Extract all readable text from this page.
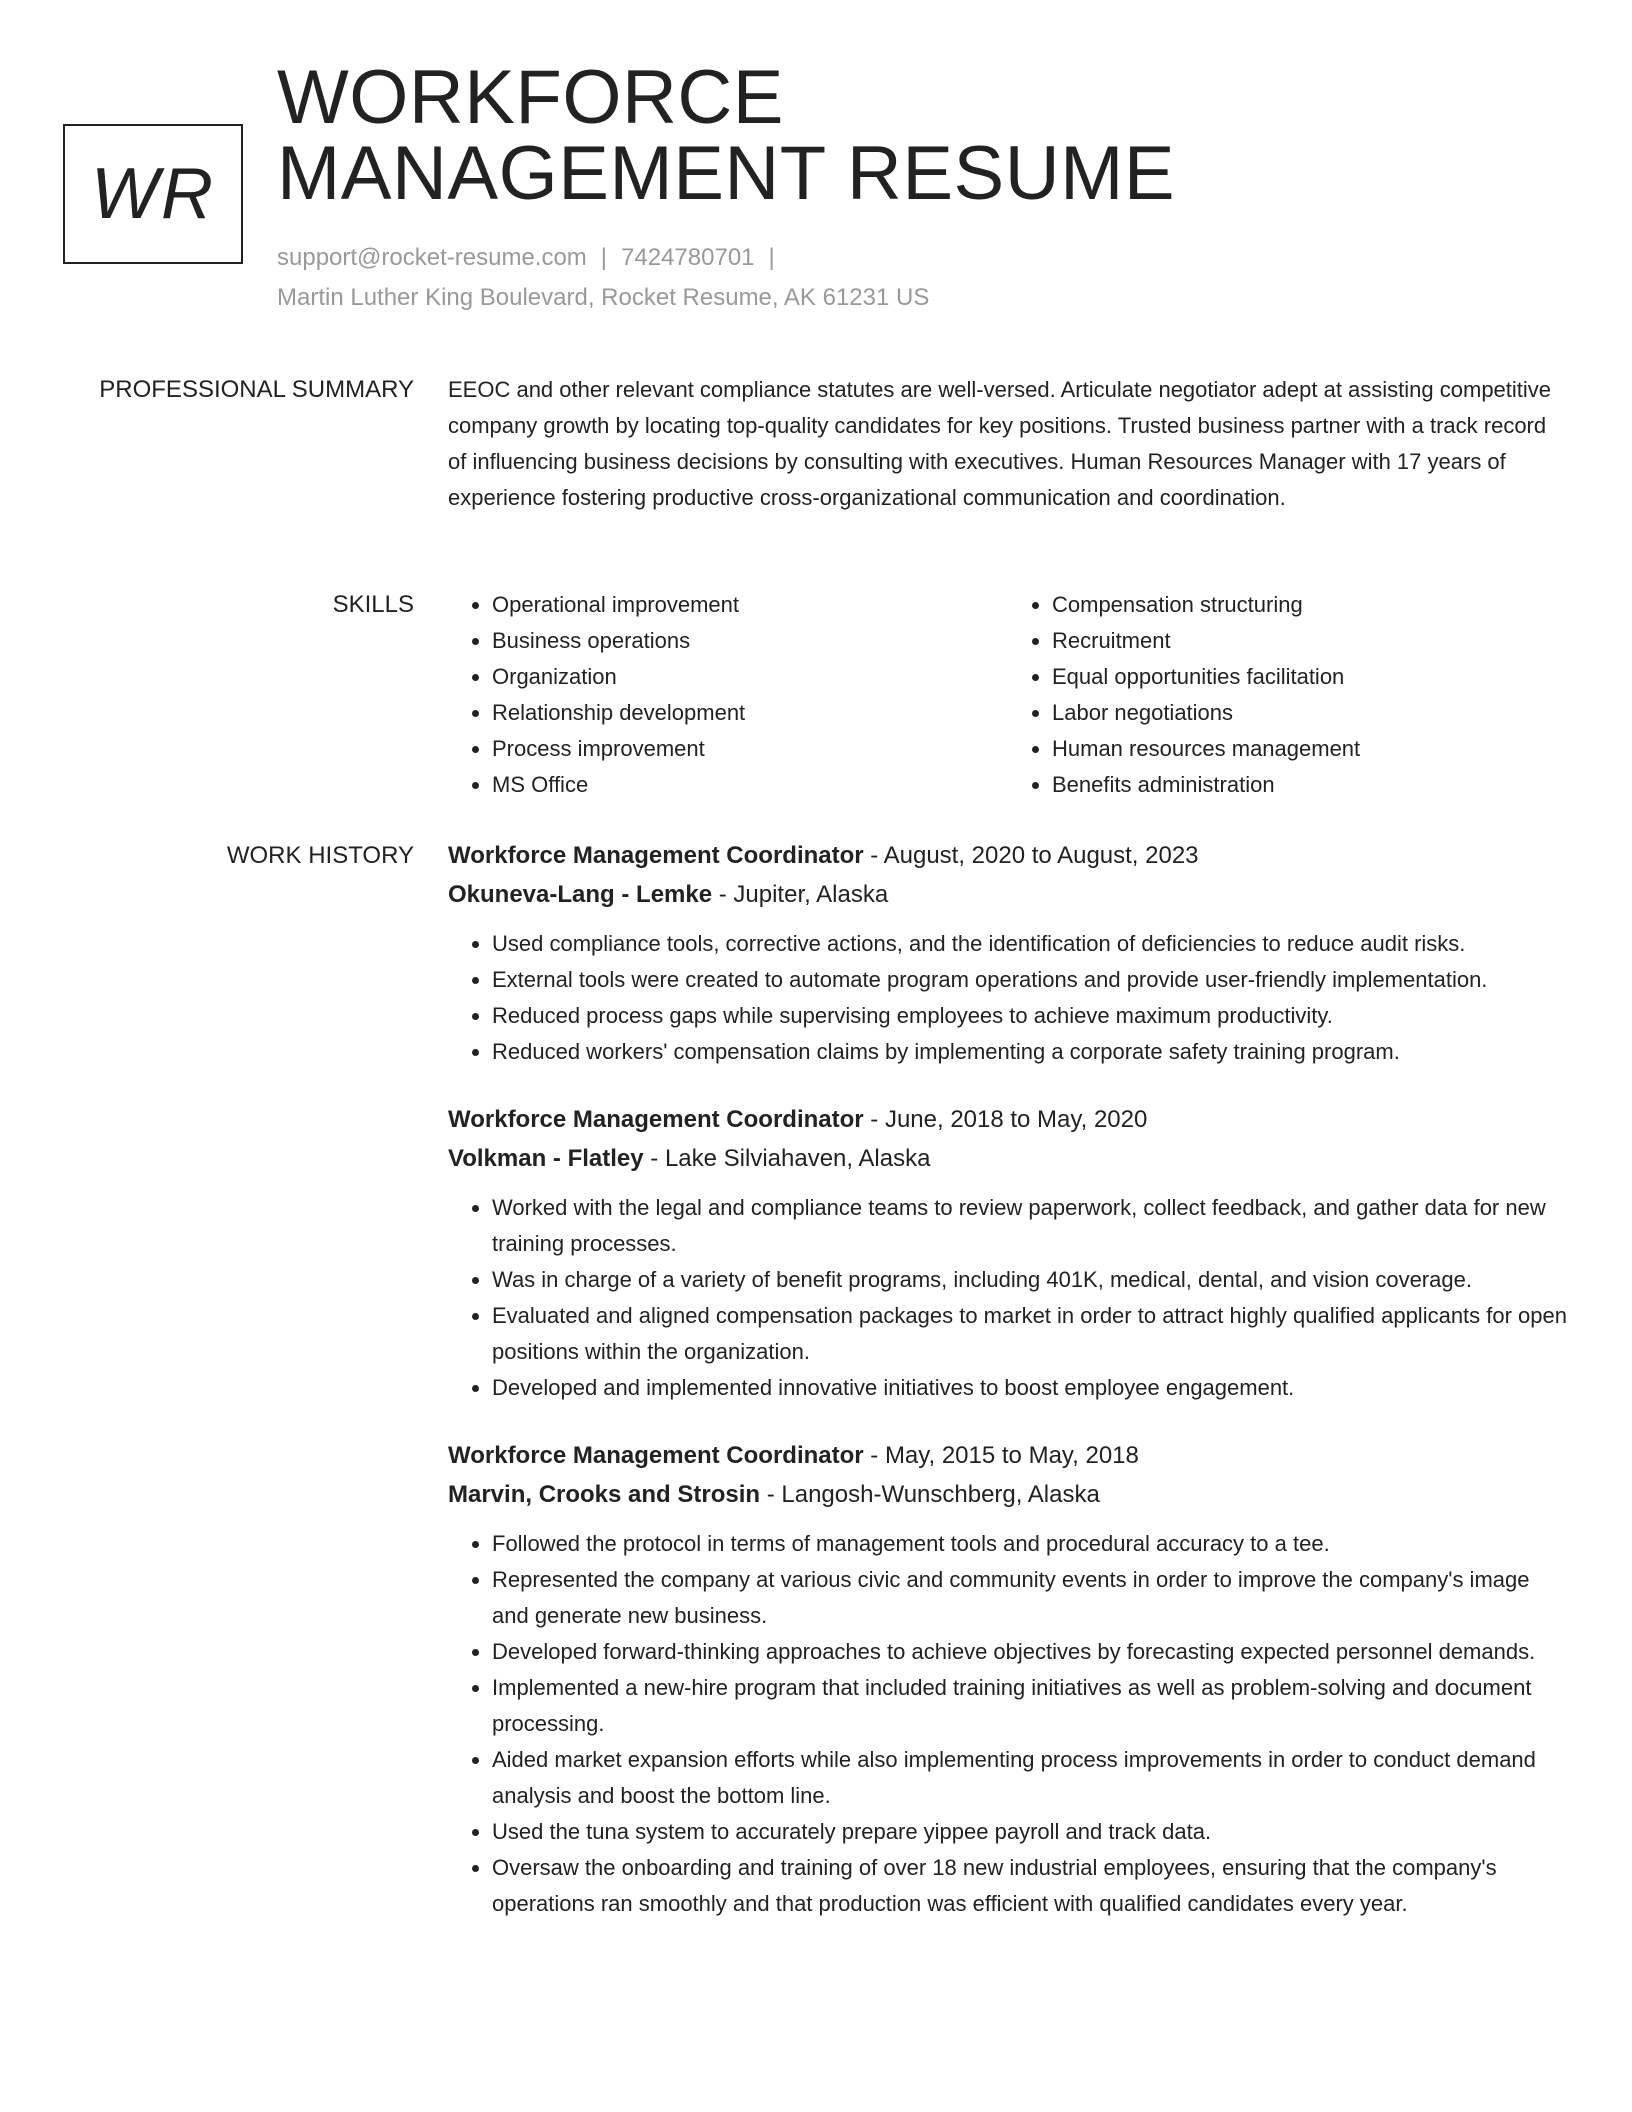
WR
WORKFORCE
MANAGEMENT RESUME
support@rocket-resume.com | 7424780701 |
Martin Luther King Boulevard, Rocket Resume, AK 61231 US
PROFESSIONAL SUMMARY EEOC and other relevant compliance statutes are well-versed. Articulate negotiator adept at assisting competitive company growth by locating top-quality candidates for key positions. Trusted business partner with a track record of influencing business decisions by consulting with executives. Human Resources Manager with 17 years of experience fostering productive cross-organizational communication and coordination.

SKILLS
•	Operational improvement
• Business operations
• Organization
• Relationship development
• Process improvement
• MS Office
• Compensation structuring
• Recruitment
• Equal opportunities facilitation
• Labor negotiations
• Human resources management
• Benefits administration
WORK HISTORY Workforce Management Coordinator - August, 2020 to August, 2023
Okuneva-Lang - Lemke - Jupiter, Alaska
• Used compliance tools, corrective actions, and the identification of deficiencies to reduce audit risks.
• External tools were created to automate program operations and provide user-friendly implementation.
• Reduced process gaps while supervising employees to achieve maximum productivity.
• Reduced workers' compensation claims by implementing a corporate safety training program.
Workforce Management Coordinator - June, 2018 to May, 2020
Volkman - Flatley - Lake Silviahaven, Alaska
• Worked with the legal and compliance teams to review paperwork, collect feedback, and gather data for new training processes.
• Was in charge of a variety of benefit programs, including 401K, medical, dental, and vision coverage.
• Evaluated and aligned compensation packages to market in order to attract highly qualified applicants for open positions within the organization.
• Developed and implemented innovative initiatives to boost employee engagement.
Workforce Management Coordinator - May, 2015 to May, 2018
Marvin, Crooks and Strosin - Langosh-Wunschberg, Alaska
• Followed the protocol in terms of management tools and procedural accuracy to a tee.
• Represented the company at various civic and community events in order to improve the company's image and generate new business.
• Developed forward-thinking approaches to achieve objectives by forecasting expected personnel demands.
• Implemented a new-hire program that included training initiatives as well as problem-solving and document processing.
• Aided market expansion efforts while also implementing process improvements in order to conduct demand analysis and boost the bottom line.
• Used the tuna system to accurately prepare yippee payroll and track data.
• Oversaw the onboarding and training of over 18 new industrial employees, ensuring that the company's operations ran smoothly and that production was efficient with qualified candidates every year.
